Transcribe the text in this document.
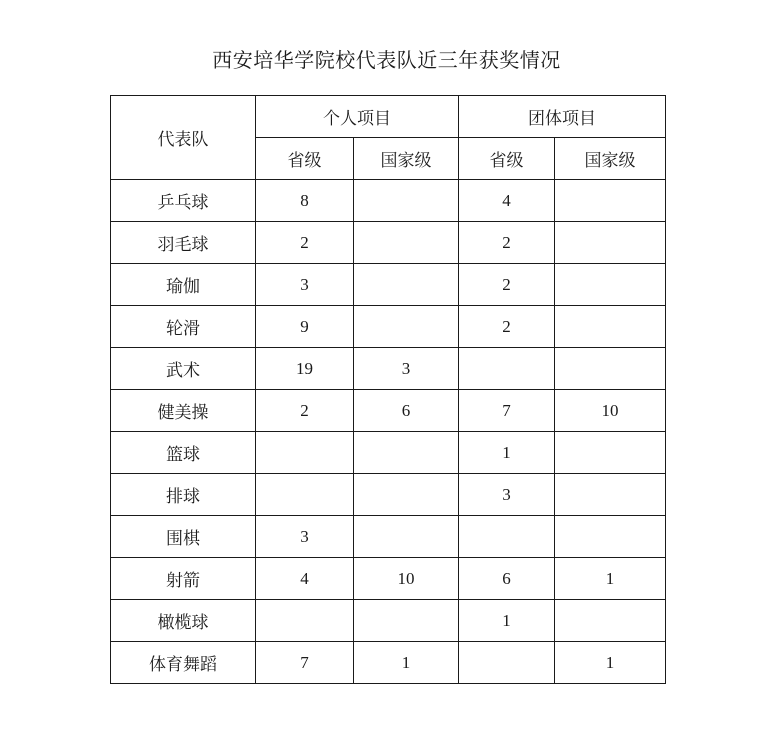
西安培华学院校代表队近三年获奖情况
代表队	个人项目		团体项目	
	省级	国家级	省级	国家级
乒乓球	8		4	
羽毛球	2		2	
瑜伽	3		2	
轮滑	9		2	
武术	19	3		
健美操	2	6	7	10
篮球			1	
排球			3	
围棋	3			
射箭	4	10	6	1
橄榄球			1	
体育舞蹈	7	1		1
